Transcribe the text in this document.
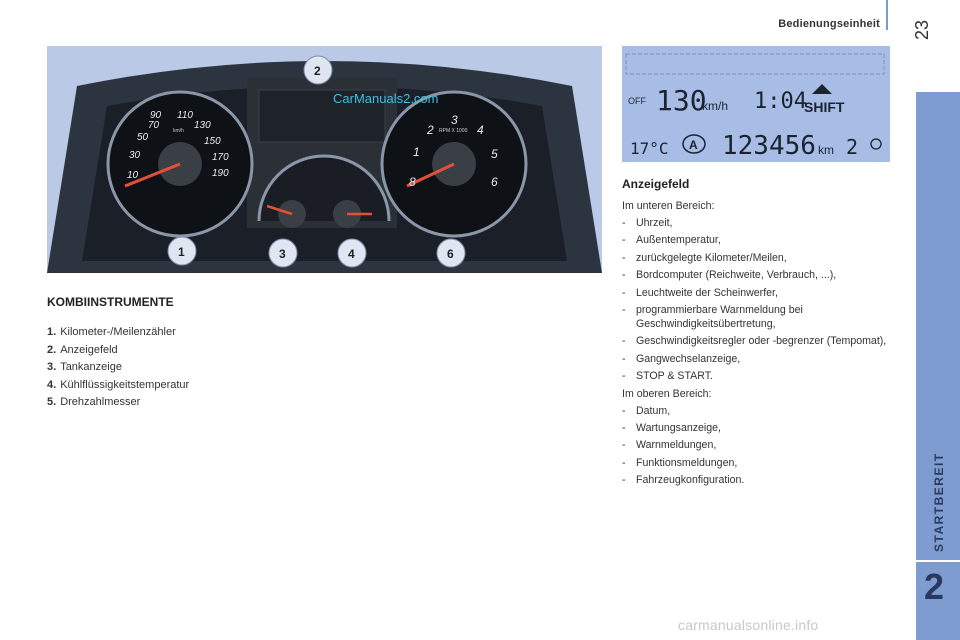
Bedienungseinheit 23
STARTBEREIT
2
10
30
50
70
90 110
130
150
170
190
km/h
1
2
3
4
5
6
8
RPM X 1000
CarManuals2.com
1
2
3	4	6
OFF 130
km/h 1:04
SHIFT
17°C A 123456 km 2
KOMBIINSTRUMENTE
1. Kilometer-/Meilenzähler
2. Anzeigefeld
3. Tankanzeige
4. Kühlflüssigkeitstemperatur
5. Drehzahlmesser
Anzeigefeld
Im unteren Bereich:
- Uhrzeit,
- Außentemperatur,
- zurückgelegte Kilometer/Meilen,
- Bordcomputer (Reichweite, Verbrauch, ...),
- Leuchtweite der Scheinwerfer,
- programmierbare Warnmeldung bei Geschwindigkeitsübertretung,
- Geschwindigkeitsregler oder -begrenzer (Tempomat),
- Gangwechselanzeige,
- STOP & START.
Im oberen Bereich:
- Datum,
- Wartungsanzeige,
- Warnmeldungen,
- Funktionsmeldungen,
- Fahrzeugkonfiguration.
carmanualsonline.info
